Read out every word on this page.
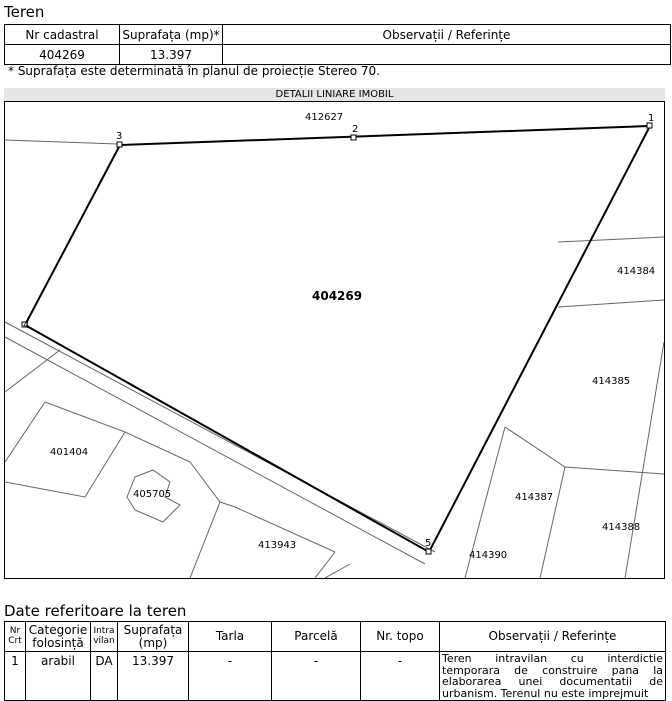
Teren
Nr cadastral	Suprafața (mp)*	Observații / Referințe
404269	13.397	
* Suprafața este determinată în planul de proiecție Stereo 70.
DETALII LINIARE IMOBIL
1
2
3
4
5
404269
412627
414384
414385
401404
405705	414387
414388
413943
414390
Date referitoare la teren
Nr Crt	Categorie folosință	Intra vilan	Suprafața (mp)	Tarla	Parcelă	Nr. topo	Observații / Referințe
1	arabil	DA	13.397	-	-	-	Teren intravilan cu interdictie temporara de construire pana la elaborarea unei documentatii de urbanism. Terenul nu este imprejmuit
